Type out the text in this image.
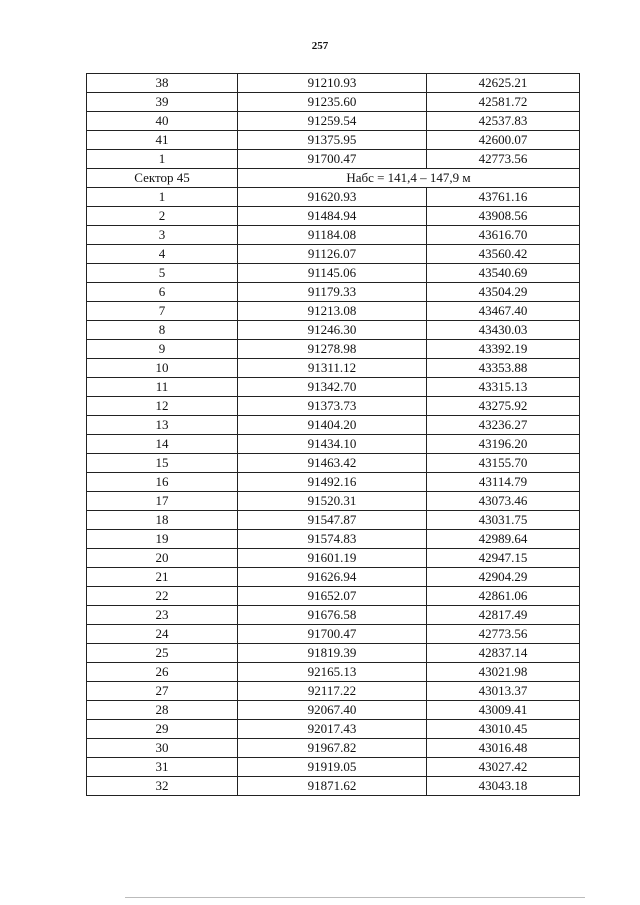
257
38	91210.93	42625.21
39	91235.60	42581.72
40	91259.54	42537.83
41	91375.95	42600.07
1	91700.47	42773.56
Сектор 45	Нaбс = 141,4 – 147,9 м	
1	91620.93	43761.16
2	91484.94	43908.56
3	91184.08	43616.70
4	91126.07	43560.42
5	91145.06	43540.69
6	91179.33	43504.29
7	91213.08	43467.40
8	91246.30	43430.03
9	91278.98	43392.19
10	91311.12	43353.88
11	91342.70	43315.13
12	91373.73	43275.92
13	91404.20	43236.27
14	91434.10	43196.20
15	91463.42	43155.70
16	91492.16	43114.79
17	91520.31	43073.46
18	91547.87	43031.75
19	91574.83	42989.64
20	91601.19	42947.15
21	91626.94	42904.29
22	91652.07	42861.06
23	91676.58	42817.49
24	91700.47	42773.56
25	91819.39	42837.14
26	92165.13	43021.98
27	92117.22	43013.37
28	92067.40	43009.41
29	92017.43	43010.45
30	91967.82	43016.48
31	91919.05	43027.42
32	91871.62	43043.18
